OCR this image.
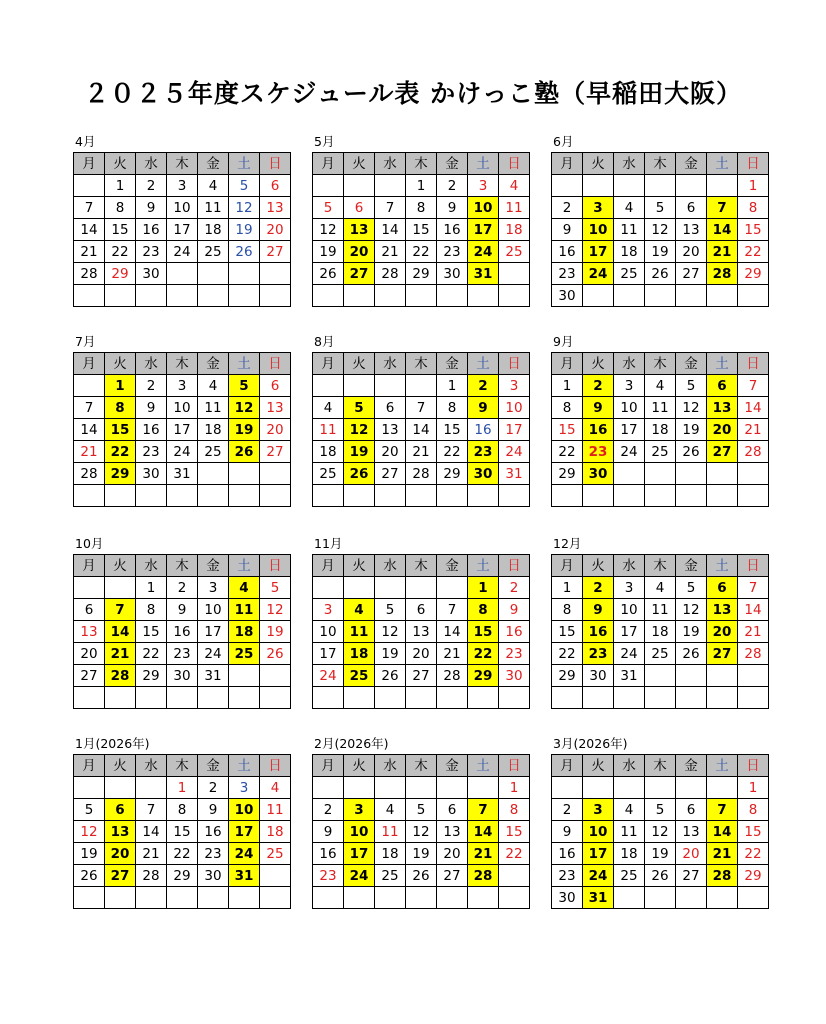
２０２５年度スケジュール表 かけっこ塾（早稲田大阪）
4月
月	火	水	木	金	土	日
	1	2	3	4	5	6
7	8	9	10	11	12	13
14	15	16	17	18	19	20
21	22	23	24	25	26	27
28	29	30				

5月
月	火	水	木	金	土	日
			1	2	3	4
5	6	7	8	9	10	11
12	13	14	15	16	17	18
19	20	21	22	23	24	25
26	27	28	29	30	31	

6月
月	火	水	木	金	土	日
						1
2	3	4	5	6	7	8
9	10	11	12	13	14	15
16	17	18	19	20	21	22
23	24	25	26	27	28	29
30						
7月
月	火	水	木	金	土	日
	1	2	3	4	5	6
7	8	9	10	11	12	13
14	15	16	17	18	19	20
21	22	23	24	25	26	27
28	29	30	31			

8月
月	火	水	木	金	土	日
				1	2	3
4	5	6	7	8	9	10
11	12	13	14	15	16	17
18	19	20	21	22	23	24
25	26	27	28	29	30	31

9月
月	火	水	木	金	土	日
1	2	3	4	5	6	7
8	9	10	11	12	13	14
15	16	17	18	19	20	21
22	23	24	25	26	27	28
29	30					

10月
月	火	水	木	金	土	日
		1	2	3	4	5
6	7	8	9	10	11	12
13	14	15	16	17	18	19
20	21	22	23	24	25	26
27	28	29	30	31		

11月
月	火	水	木	金	土	日
					1	2
3	4	5	6	7	8	9
10	11	12	13	14	15	16
17	18	19	20	21	22	23
24	25	26	27	28	29	30

12月
月	火	水	木	金	土	日
1	2	3	4	5	6	7
8	9	10	11	12	13	14
15	16	17	18	19	20	21
22	23	24	25	26	27	28
29	30	31				

1月(2026年)
月	火	水	木	金	土	日
			1	2	3	4
5	6	7	8	9	10	11
12	13	14	15	16	17	18
19	20	21	22	23	24	25
26	27	28	29	30	31	

2月(2026年)
月	火	水	木	金	土	日
						1
2	3	4	5	6	7	8
9	10	11	12	13	14	15
16	17	18	19	20	21	22
23	24	25	26	27	28	

3月(2026年)
月	火	水	木	金	土	日
						1
2	3	4	5	6	7	8
9	10	11	12	13	14	15
16	17	18	19	20	21	22
23	24	25	26	27	28	29
30	31					
